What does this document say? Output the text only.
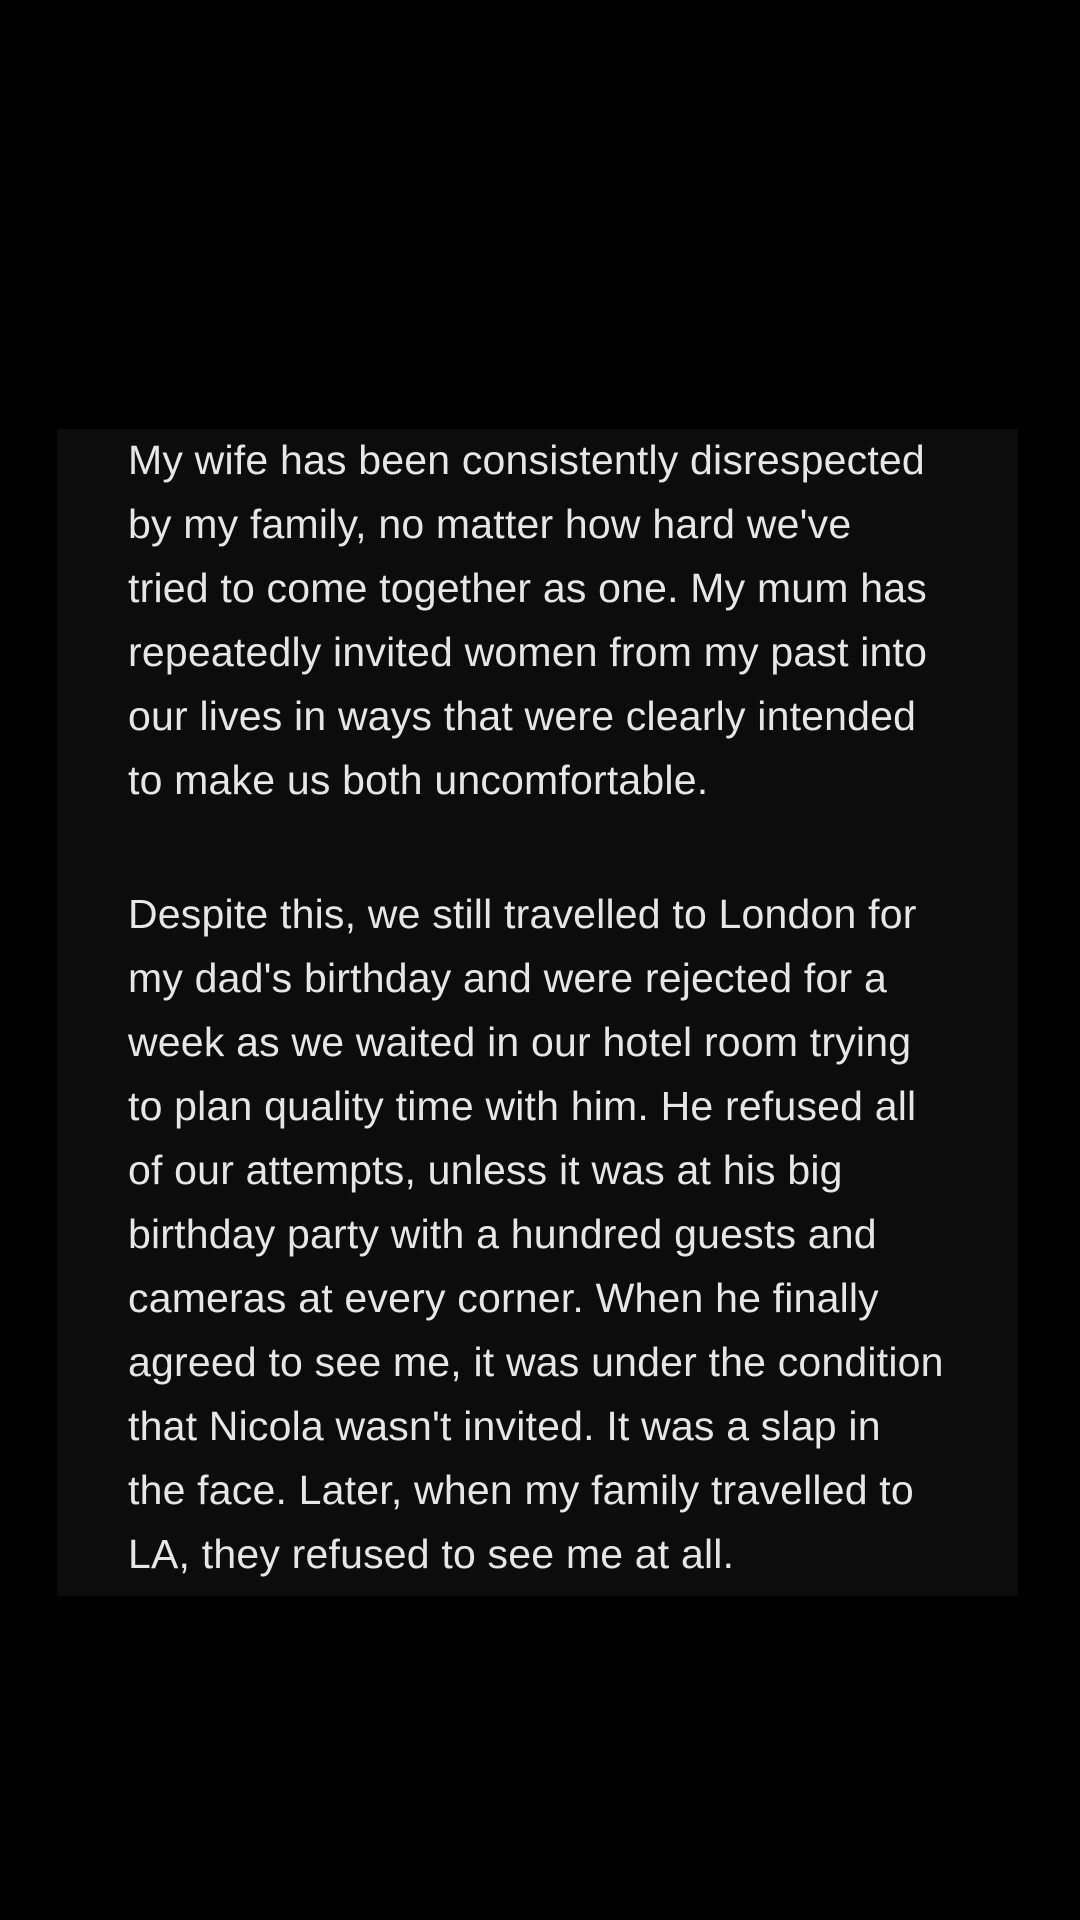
My wife has been consistently disrespected
by my family, no matter how hard we've
tried to come together as one. My mum has
repeatedly invited women from my past into
our lives in ways that were clearly intended
to make us both uncomfortable.

Despite this, we still travelled to London for
my dad's birthday and were rejected for a
week as we waited in our hotel room trying
to plan quality time with him. He refused all
of our attempts, unless it was at his big
birthday party with a hundred guests and
cameras at every corner. When he finally
agreed to see me, it was under the condition
that Nicola wasn't invited. It was a slap in
the face. Later, when my family travelled to
LA, they refused to see me at all.
